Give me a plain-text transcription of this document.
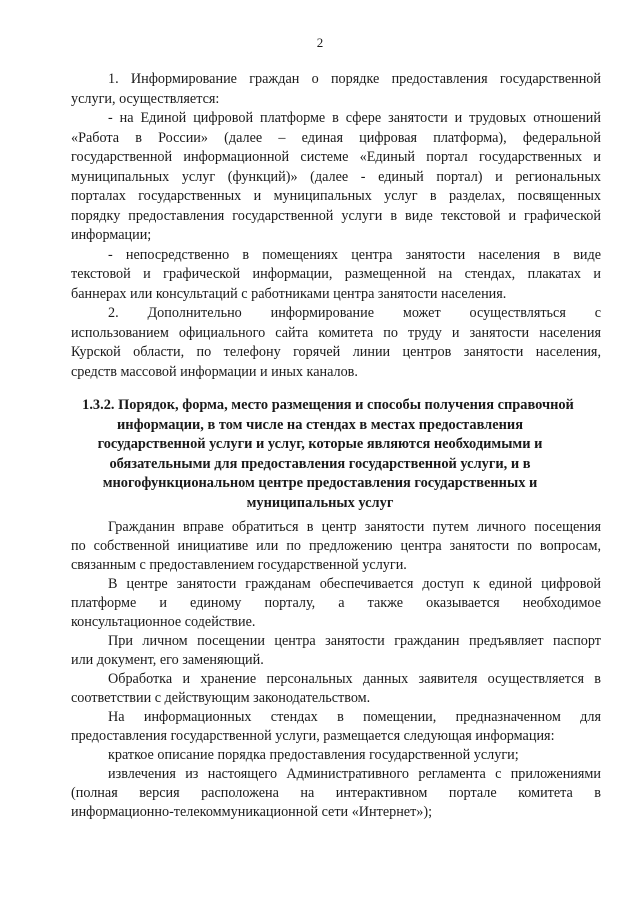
2
1. Информирование граждан о порядке предоставления государственной
услуги, осуществляется:
- на Единой цифровой платформе в сфере занятости и трудовых отношений
«Работа в России» (далее – единая цифровая платформа), федеральной
государственной информационной системе «Единый портал государственных и
муниципальных услуг (функций)» (далее - единый портал) и региональных
порталах государственных и муниципальных услуг в разделах, посвященных
порядку предоставления государственной услуги в виде текстовой и графической
информации;
- непосредственно в помещениях центра занятости населения в виде
текстовой и графической информации, размещенной на стендах, плакатах и
баннерах или консультаций с работниками центра занятости населения.
2. Дополнительно информирование может осуществляться с
использованием официального сайта комитета по труду и занятости населения
Курской области, по телефону горячей линии центров занятости населения,
средств массовой информации и иных каналов.
1.3.2. Порядок, форма, место размещения и способы получения справочной
информации, в том числе на стендах в местах предоставления
государственной услуги и услуг, которые являются необходимыми и
обязательными для предоставления государственной услуги, и в
многофункциональном центре предоставления государственных и
муниципальных услуг
Гражданин вправе обратиться в центр занятости путем личного посещения
по собственной инициативе или по предложению центра занятости по вопросам,
связанным с предоставлением государственной услуги.
В центре занятости гражданам обеспечивается доступ к единой цифровой
платформе и единому порталу, а также оказывается необходимое
консультационное содействие.
При личном посещении центра занятости гражданин предъявляет паспорт
или документ, его заменяющий.
Обработка и хранение персональных данных заявителя осуществляется в
соответствии с действующим законодательством.
На информационных стендах в помещении, предназначенном для
предоставления государственной услуги, размещается следующая информация:
краткое описание порядка предоставления государственной услуги;
извлечения из настоящего Административного регламента с приложениями
(полная версия расположена на интерактивном портале комитета в
информационно-телекоммуникационной сети «Интернет»);
